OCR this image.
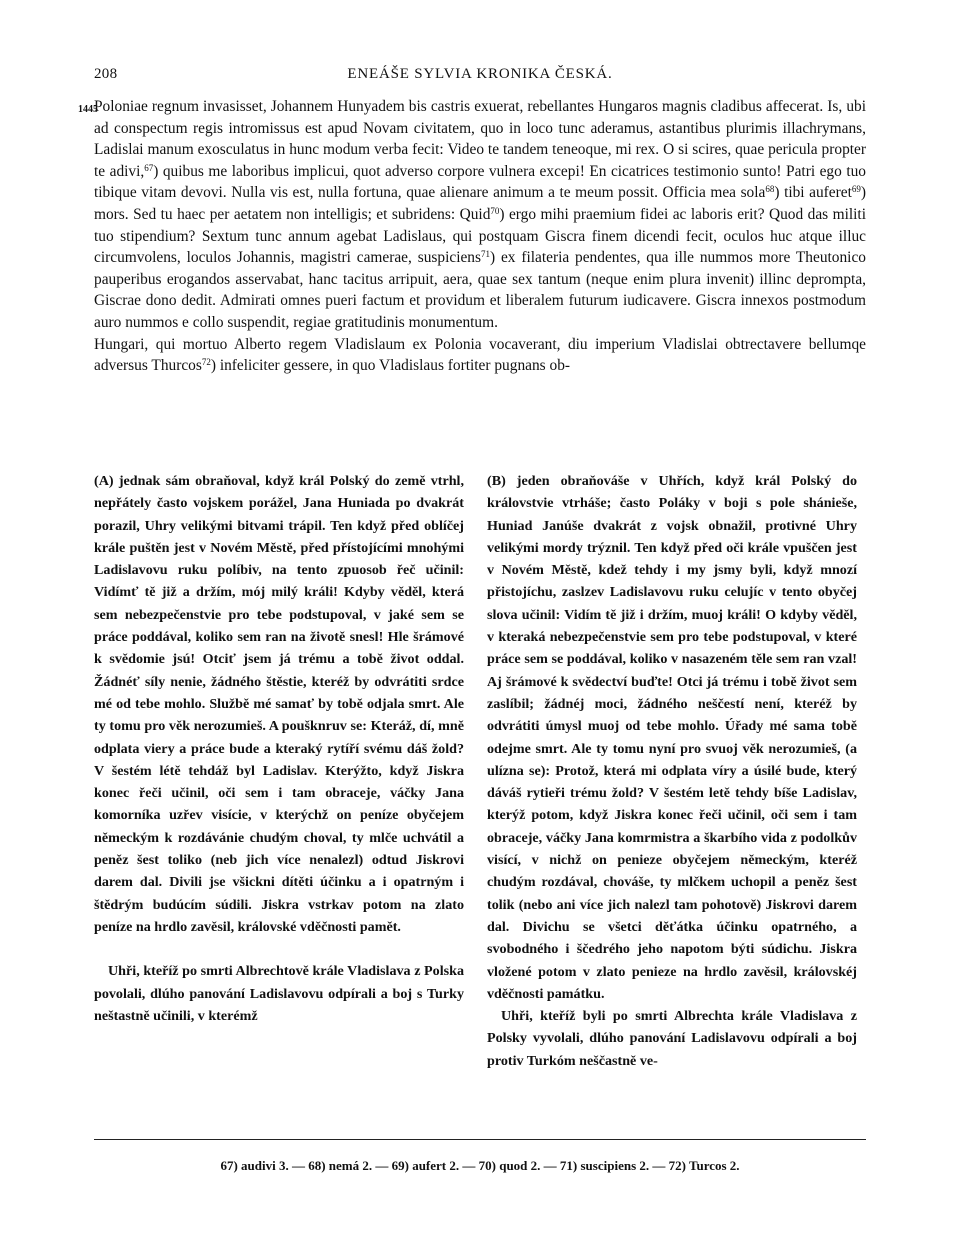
208	ENEÁŠE SYLVIA KRONIKA ČESKÁ.
1445

Poloniae regnum invasisset, Johannem Hunyadem bis castris exuerat, rebellantes Hungaros magnis cladibus affecerat. Is, ubi ad conspectum regis intromissus est apud Novam civitatem, quo in loco tunc aderamus, astantibus plurimis illachrymans, Ladislai manum exosculatus in hunc modum verba fecit: Video te tandem teneoque, mi rex. O si scires, quae pericula propter te adivi,$^{67}$) quibus me laboribus implicui, quot adverso corpore vulnera excepi! En cicatrices testimonio sunto! Patri ego tuo tibique vitam devovi. Nulla vis est, nulla fortuna, quae alienare animum a te meum possit. Officia mea sola$^{68}$) tibi auferet$^{69}$) mors. Sed tu haec per aetatem non intelligis; et subridens: Quid$^{70}$) ergo mihi praemium fidei ac laboris erit? Quod das militi tuo stipendium? Sextum tunc annum agebat Ladislaus, qui postquam Giscra finem dicendi fecit, oculos huc atque illuc circumvolens, loculos Johannis, magistri camerae, suspiciens$^{71}$) ex filateria pendentes, qua ille nummos more Theutonico pauperibus erogandos asservabat, hanc tacitus arripuit, aera, quae sex tantum (neque enim plura invenit) illinc deprompta, Giscrae dono dedit. Admirati omnes pueri factum et providum et liberalem futurum iudicavere. Giscra innexos postmodum auro nummos e collo suspendit, regiae gratitudinis monumentum.

Hungari, qui mortuo Alberto regem Vladislaum ex Polonia vocaverant, diu imperium Vladislai obtrectavere bellumqe adversus Thurcos$^{72}$) infeliciter gessere, in quo Vladislaus fortiter pugnans ob-

(A) jednak sám obraňoval, když král Polský do země vtrhl, nepřátely často vojskem porážel, Jana Huniada po dvakrát porazil, Uhry velikými bitvami trápil. Ten když před oblíčej krále puštěn jest v Novém Městě, před přístojícími mnohými Ladislavovu ruku políbiv, na tento zpuosob řeč učinil: Vidímť tě již a držím, mój milý králi! Kdyby věděl, která sem nebezpečenstvie pro tebe podstupoval, v jaké sem se práce poddával, koliko sem ran na životě snesl! Hle šrámové k svědomie jsú! Otciť jsem já trému a tobě život oddal. Žádnéť síly nenie, žádného štěstie, kteréž by odvrátiti srdce mé od tebe mohlo. Službě mé samať by tobě odjala smrt. Ale ty tomu pro věk nerozumieš. A poušknruv se: Kteráž, dí, mně odplata viery a práce bude a kteraký rytíří svému dáš žold? V šestém létě tehdáž byl Ladislav. Kterýžto, když Jiskra konec řeči učinil, oči sem i tam obraceje, váčky Jana komorníka uzřev visície, v kterýchž on peníze obyčejem německým k rozdávánie chudým choval, ty mlče uchvátil a peněz šest toliko (neb jich více nenalezl) odtud Jiskrovi darem dal. Divili jse všickni dítěti účinku a i opatrným i štědrým budúcím súdili. Jiskra vstrkav potom na zlato peníze na hrdlo zavěsil, královské vděčnosti pamět.

Uhři, kteříž po smrti Albrechtově krále Vladislava z Polska povolali, dlúho panování Ladislavovu odpírali a boj s Turky neštastně učinili, v kterémž

(B) jeden obraňováše v Uhřích, když král Polský do královstvie vtrháše; často Poláky v boji s pole shánieše, Huniad Janúše dvakrát z vojsk obnažil, protivné Uhry velikými mordy trýznil. Ten když před oči krále vpuščen jest v Novém Městě, kdež tehdy i my jsmy byli, když mnozí přistojíchu, zaslzev Ladislavovu ruku celujíc v tento obyčej slova učinil: Vidím tě již i držím, muoj králi! O kdyby věděl, v kteraká nebezpečenstvie sem pro tebe podstupoval, v které práce sem se poddával, koliko v nasazeném těle sem ran vzal! Aj šrámové k svědectví buďte! Otci já trému i tobě život sem zaslíbil; žádnéj moci, žádného neščestí není, kteréž by odvrátiti úmysl muoj od tebe mohlo. Úřady mé sama tobě odejme smrt. Ale ty tomu nyní pro svuoj věk nerozumieš, (a ulízna se): Protož, která mi odplata víry a úsilé bude, který dáváš rytieři trému žold? V šestém letě tehdy bíše Ladislav, kterýž potom, když Jiskra konec řeči učinil, oči sem i tam obraceje, váčky Jana komrmistra a škarbího vida z podolkův visící, v nichž on penieze obyčejem německým, kteréž chudým rozdával, chováše, ty mlčkem uchopil a peněz šest tolik (nebo ani více jich nalezl tam pohotově) Jiskrovi darem dal. Divichu se všetci děťátka účinku opatrného, a svobodného i ščedrého jeho napotom býti súdichu. Jiskra vložené potom v zlato penieze na hrdlo zavěsil, královskéj vděčnosti památku.

Uhři, kteříž byli po smrti Albrechta krále Vladislava z Polsky vyvolali, dlúho panování Ladislavovu odpírali a boj protiv Turkóm neščastně ve-

67) audivi 3. — 68) nemá 2. — 69) aufert 2. — 70) quod 2. — 71) suscipiens 2. — 72) Turcos 2.
